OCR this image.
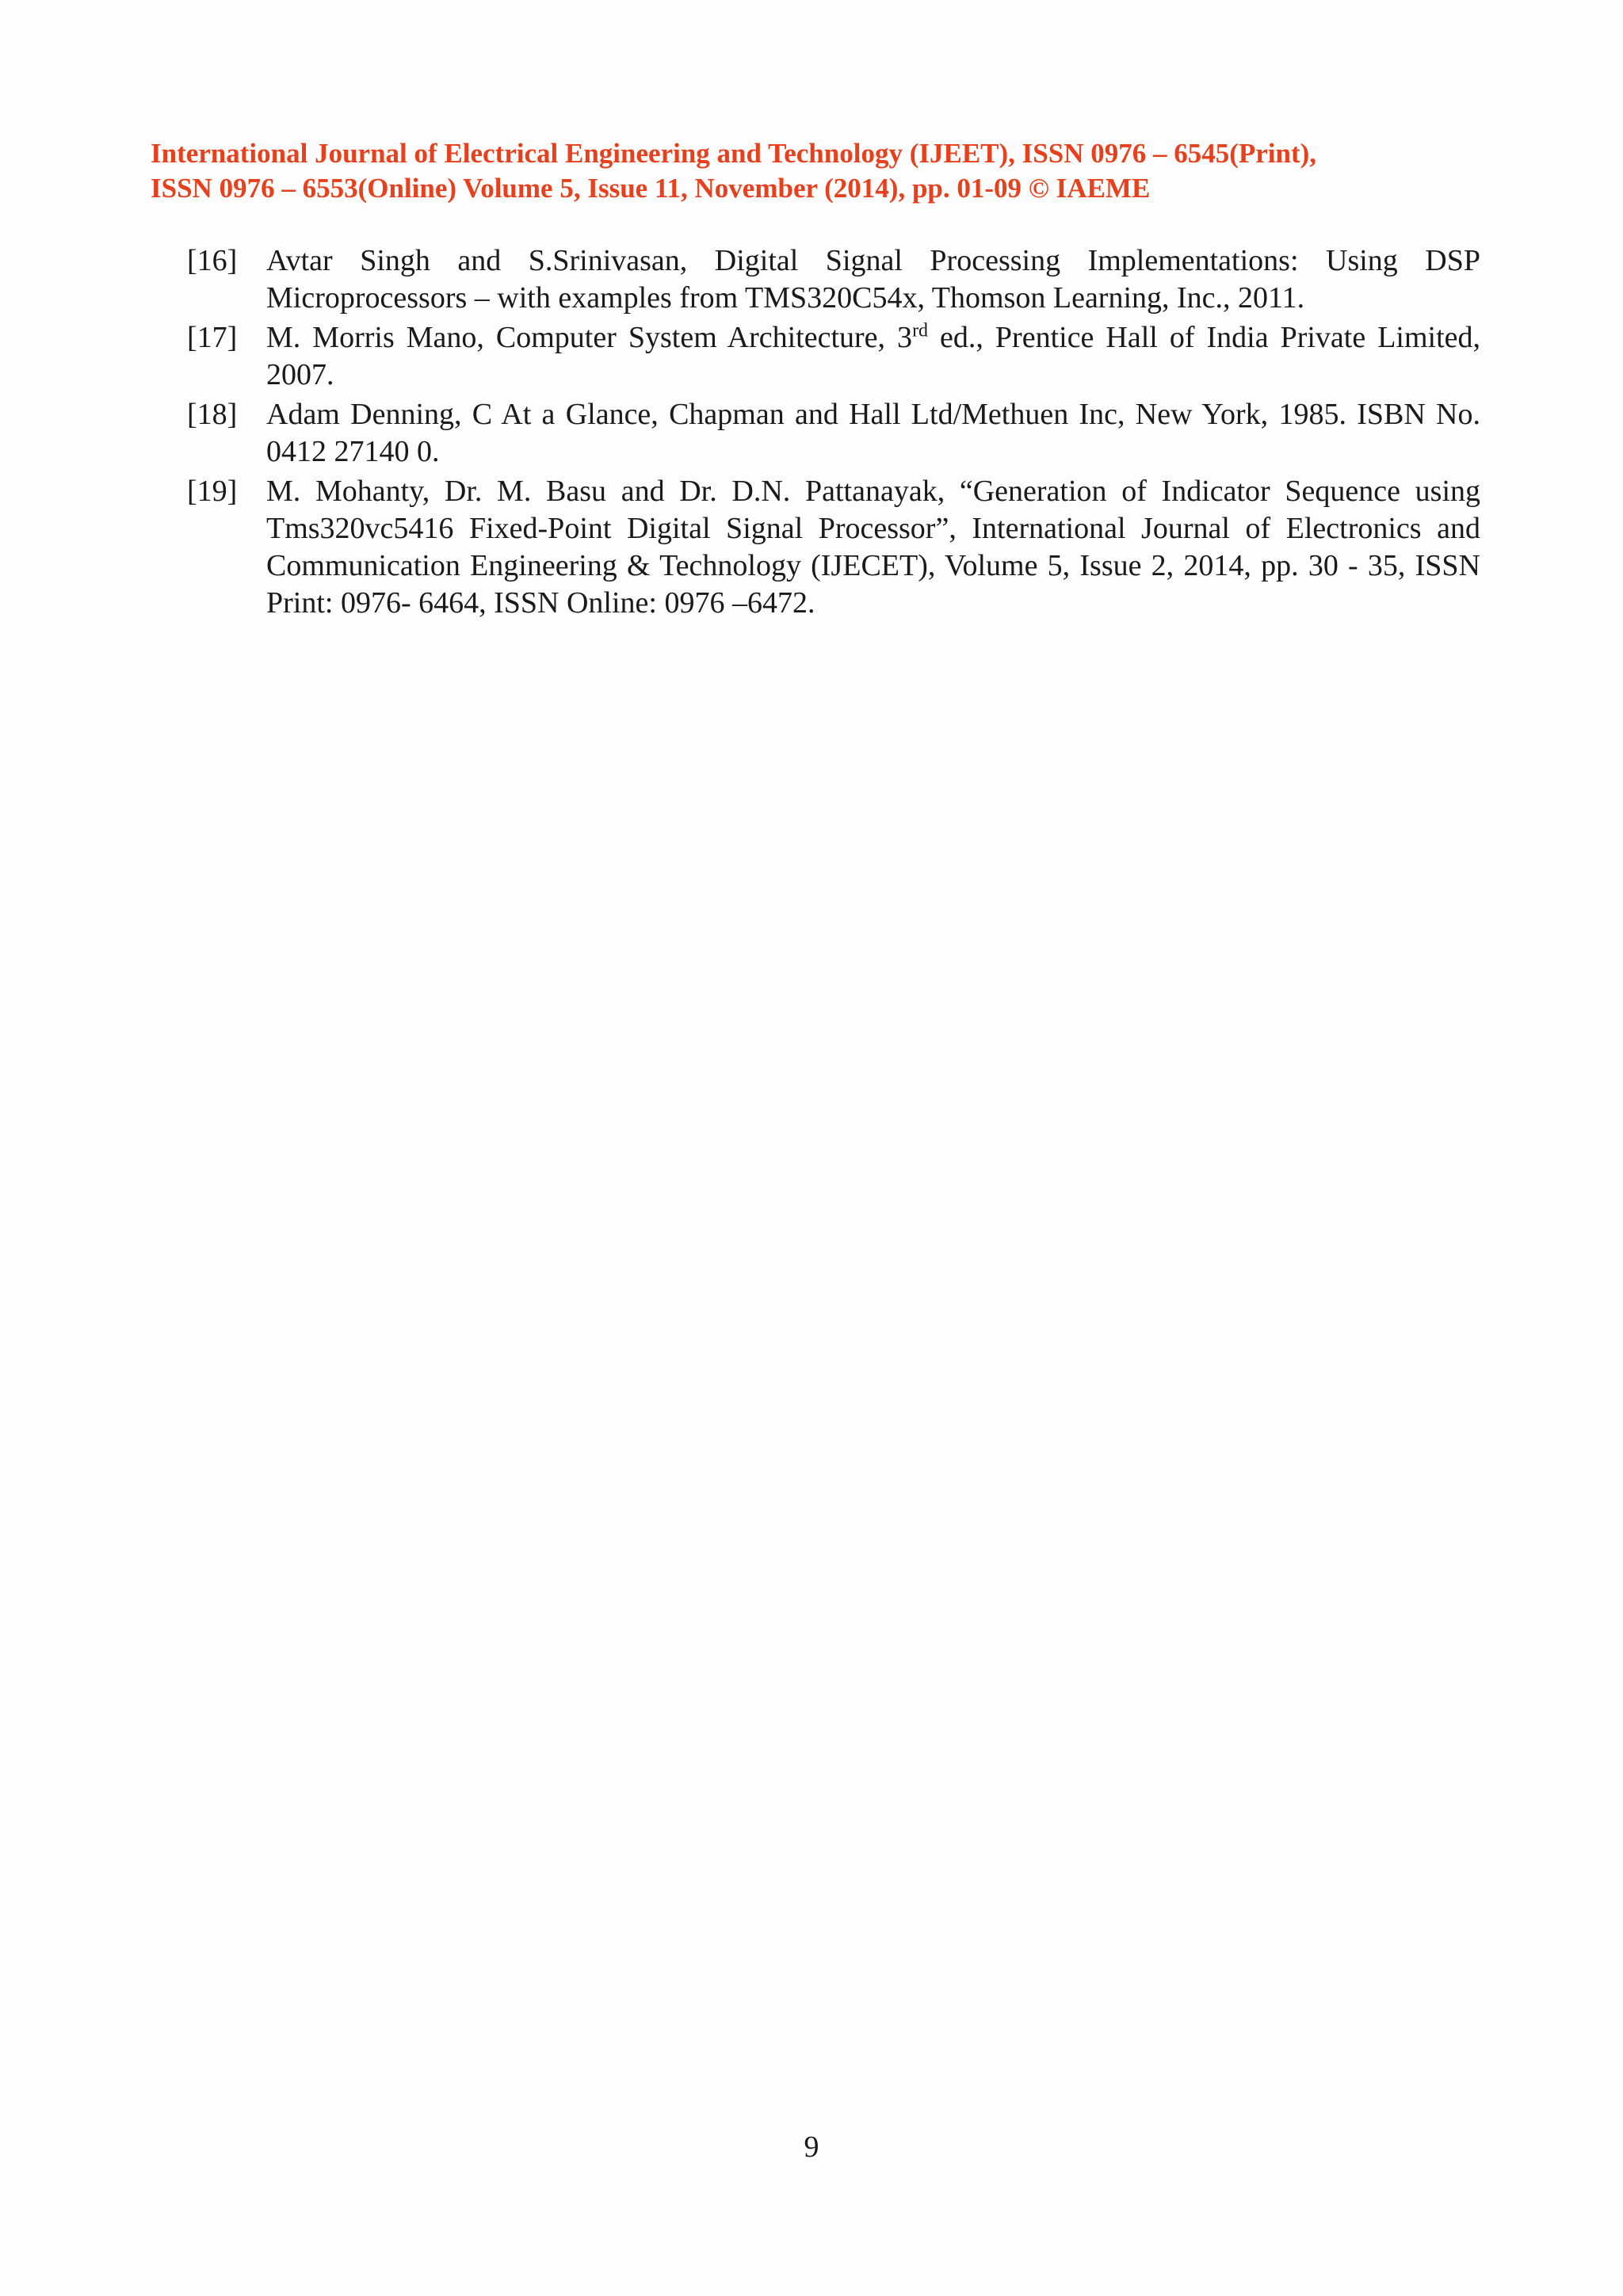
International Journal of Electrical Engineering and Technology (IJEET), ISSN 0976 – 6545(Print),
ISSN 0976 – 6553(Online) Volume 5, Issue 11, November (2014), pp. 01-09 © IAEME
[16] Avtar Singh and S.Srinivasan, Digital Signal Processing Implementations: Using DSP Microprocessors – with examples from TMS320C54x, Thomson Learning, Inc., 2011.
[17] M. Morris Mano, Computer System Architecture, 3rd ed., Prentice Hall of India Private Limited, 2007.
[18] Adam Denning, C At a Glance, Chapman and Hall Ltd/Methuen Inc, New York, 1985. ISBN No. 0412 27140 0.
[19] M. Mohanty, Dr. M. Basu and Dr. D.N. Pattanayak, “Generation of Indicator Sequence using Tms320vc5416 Fixed-Point Digital Signal Processor”, International Journal of Electronics and Communication Engineering & Technology (IJECET), Volume 5, Issue 2, 2014, pp. 30 - 35, ISSN Print: 0976- 6464, ISSN Online: 0976 –6472.
9
